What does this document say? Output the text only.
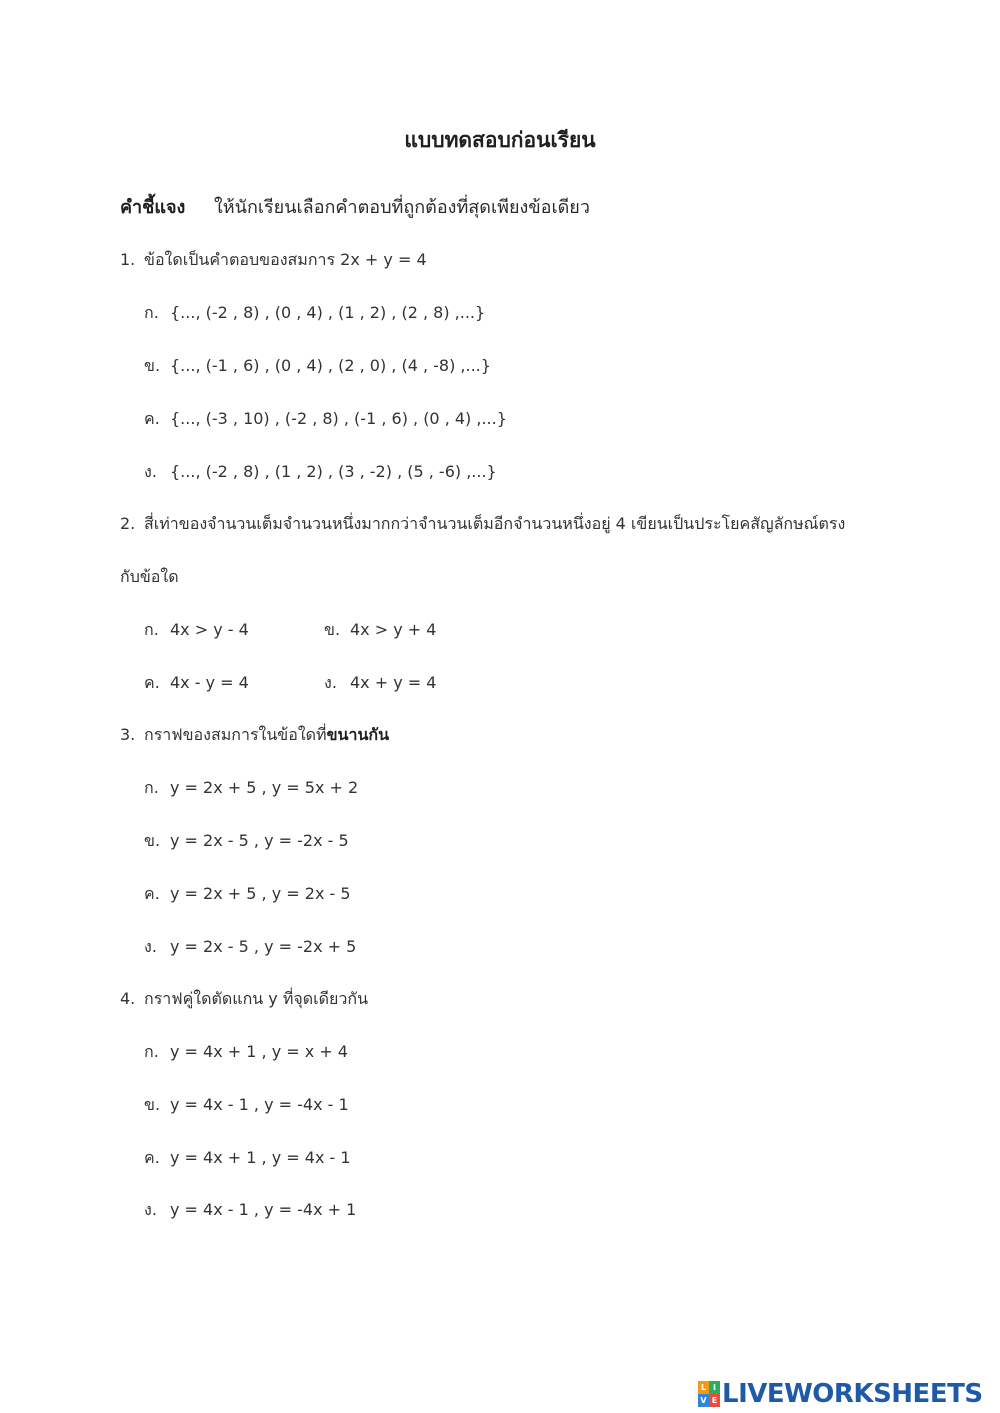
แบบทดสอบก่อนเรียน
คำชี้แจง ให้นักเรียนเลือกคำตอบที่ถูกต้องที่สุดเพียงข้อเดียว
1. ข้อใดเป็นคำตอบของสมการ 2x + y = 4
ก. {..., (-2 , 8) , (0 , 4) , (1 , 2) , (2 , 8) ,...}
ข. {..., (-1 , 6) , (0 , 4) , (2 , 0) , (4 , -8) ,...}
ค. {..., (-3 , 10) , (-2 , 8) , (-1 , 6) , (0 , 4) ,...}
ง. {..., (-2 , 8) , (1 , 2) , (3 , -2) , (5 , -6) ,...}
2. สี่เท่าของจำนวนเต็มจำนวนหนึ่งมากกว่าจำนวนเต็มอีกจำนวนหนึ่งอยู่ 4 เขียนเป็นประโยคสัญลักษณ์ตรง
กับข้อใด
ก. 4x > y - 4	ข. 4x > y + 4
ค. 4x - y = 4	ง. 4x + y = 4
3. กราฟของสมการในข้อใดที่ขนานกัน
ก. y = 2x + 5 , y = 5x + 2
ข. y = 2x - 5 , y = -2x - 5
ค. y = 2x + 5 , y = 2x - 5
ง. y = 2x - 5 , y = -2x + 5
4. กราฟคู่ใดตัดแกน y ที่จุดเดียวกัน
ก. y = 4x + 1 , y = x + 4
ข. y = 4x - 1 , y = -4x - 1
ค. y = 4x + 1 , y = 4x - 1
ง. y = 4x - 1 , y = -4x + 1
L I
V E LIVEWORKSHEETS
